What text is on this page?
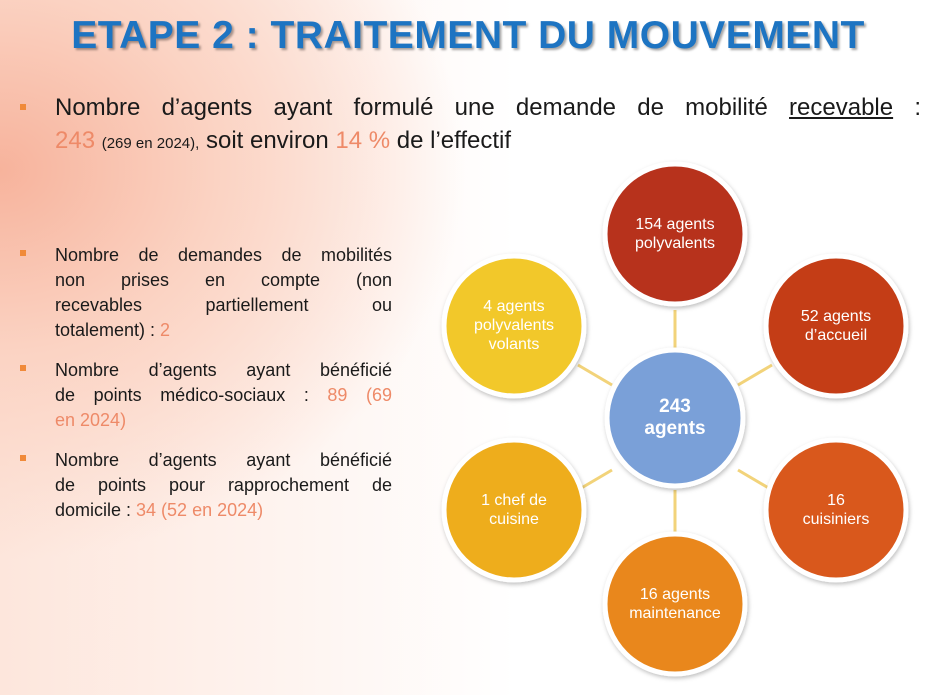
ETAPE 2 : TRAITEMENT DU MOUVEMENT
Nombre d’agents ayant formulé une demande de mobilité recevable :
243 (269 en 2024), soit environ 14 % de l’effectif
Nombre de demandes de mobilités
non prises en compte (non
recevables partiellement ou
totalement) : 2
Nombre d’agents ayant bénéficié
de points médico-sociaux : 89 (69
en 2024)
Nombre d’agents ayant bénéficié
de points pour rapprochement de
domicile : 34 (52 en 2024)
154 agents
polyvalents
52 agents
d’accueil
16
cuisiniers
16 agents
maintenance
1 chef de
cuisine
4 agents
polyvalents
volants
243
agents
